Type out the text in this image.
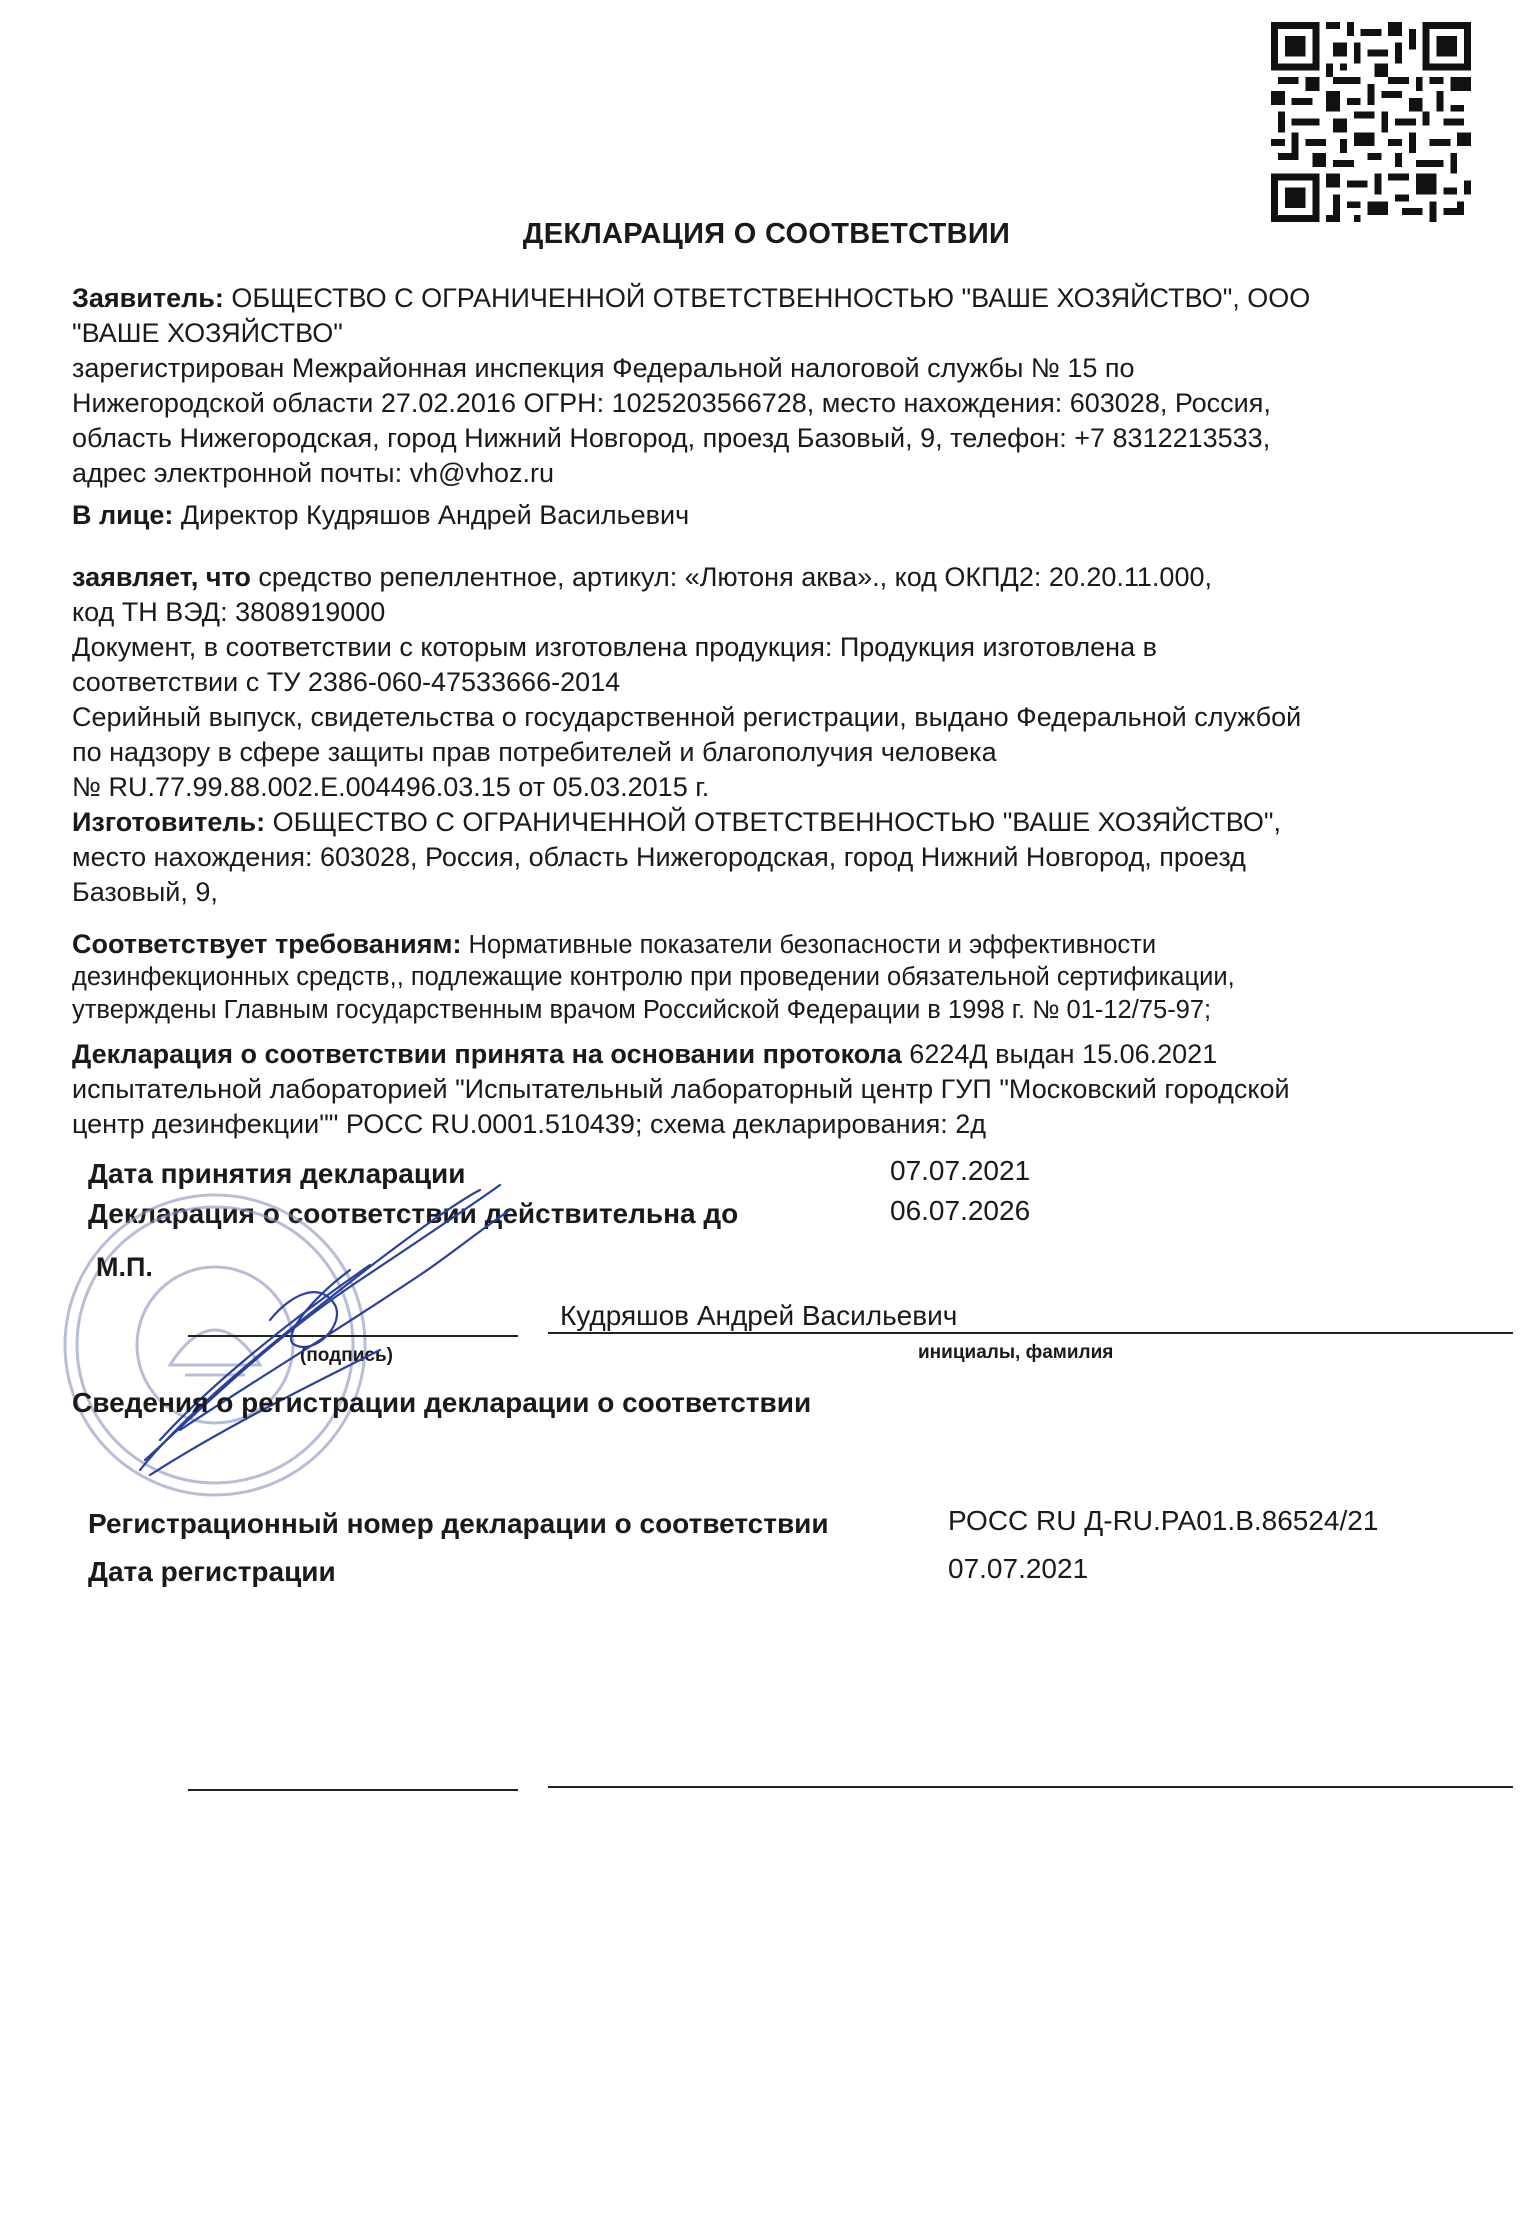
ДЕКЛАРАЦИЯ О СООТВЕТСТВИИ
Заявитель: ОБЩЕСТВО С ОГРАНИЧЕННОЙ ОТВЕТСТВЕННОСТЬЮ "ВАШЕ ХОЗЯЙСТВО", ООО
"ВАШЕ ХОЗЯЙСТВО"
зарегистрирован Межрайонная инспекция Федеральной налоговой службы № 15 по
Нижегородской области 27.02.2016 ОГРН: 1025203566728, место нахождения: 603028, Россия,
область Нижегородская, город Нижний Новгород, проезд Базовый, 9, телефон: +7 8312213533,
адрес электронной почты: vh@vhoz.ru
В лице: Директор Кудряшов Андрей Васильевич
заявляет, что средство репеллентное, артикул: «Лютоня аква»., код ОКПД2: 20.20.11.000,
код ТН ВЭД: 3808919000
Документ, в соответствии с которым изготовлена продукция: Продукция изготовлена в
соответствии с ТУ 2386-060-47533666-2014
Серийный выпуск, свидетельства о государственной регистрации, выдано Федеральной службой
по надзору в сфере защиты прав потребителей и благополучия человека
№ RU.77.99.88.002.Е.004496.03.15 от 05.03.2015 г.
Изготовитель: ОБЩЕСТВО С ОГРАНИЧЕННОЙ ОТВЕТСТВЕННОСТЬЮ "ВАШЕ ХОЗЯЙСТВО",
место нахождения: 603028, Россия, область Нижегородская, город Нижний Новгород, проезд
Базовый, 9,
Соответствует требованиям: Нормативные показатели безопасности и эффективности
дезинфекционных средств,, подлежащие контролю при проведении обязательной сертификации,
утверждены Главным государственным врачом Российской Федерации в 1998 г. № 01-12/75-97;
Декларация о соответствии принята на основании протокола 6224Д выдан 15.06.2021
испытательной лабораторией "Испытательный лабораторный центр ГУП "Московский городской
центр дезинфекции"" РОСС RU.0001.510439; схема декларирования: 2д
Дата принятия декларации	07.07.2021
Декларация о соответствии действительна до	06.07.2026
М.П.
Кудряшов Андрей Васильевич
(подпись)	инициалы, фамилия
Сведения о регистрации декларации о соответствии
Регистрационный номер декларации о соответствии	РОСС RU Д-RU.РА01.В.86524/21
Дата регистрации	07.07.2021
